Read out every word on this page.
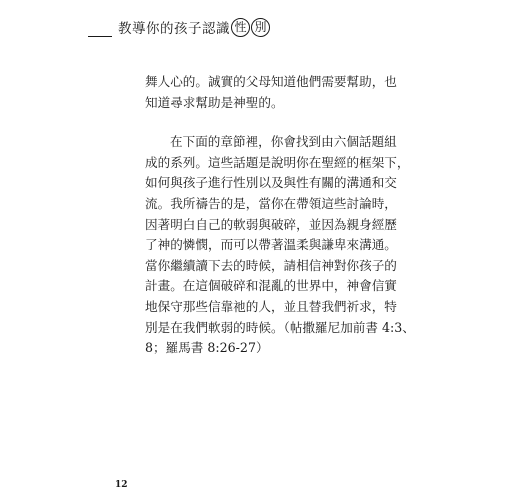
教導你的孩子認識 性 別

舞人心的。誠實的父母知道他們需要幫助，也
知道尋求幫助是神聖的。

在下面的章節裡，你會找到由六個話題組
成的系列。這些話題是說明你在聖經的框架下，
如何與孩子進行性別以及與性有關的溝通和交
流。我所禱告的是，當你在帶領這些討論時，
因著明白自己的軟弱與破碎，並因為親身經歷
了神的憐憫，而可以帶著溫柔與謙卑來溝通。
當你繼續讀下去的時候，請相信神對你孩子的
計畫。在這個破碎和混亂的世界中，神會信實
地保守那些信靠祂的人，並且替我們祈求，特
別是在我們軟弱的時候。（帖撒羅尼加前書 4:3、
8；羅馬書 8:26-27）

12
